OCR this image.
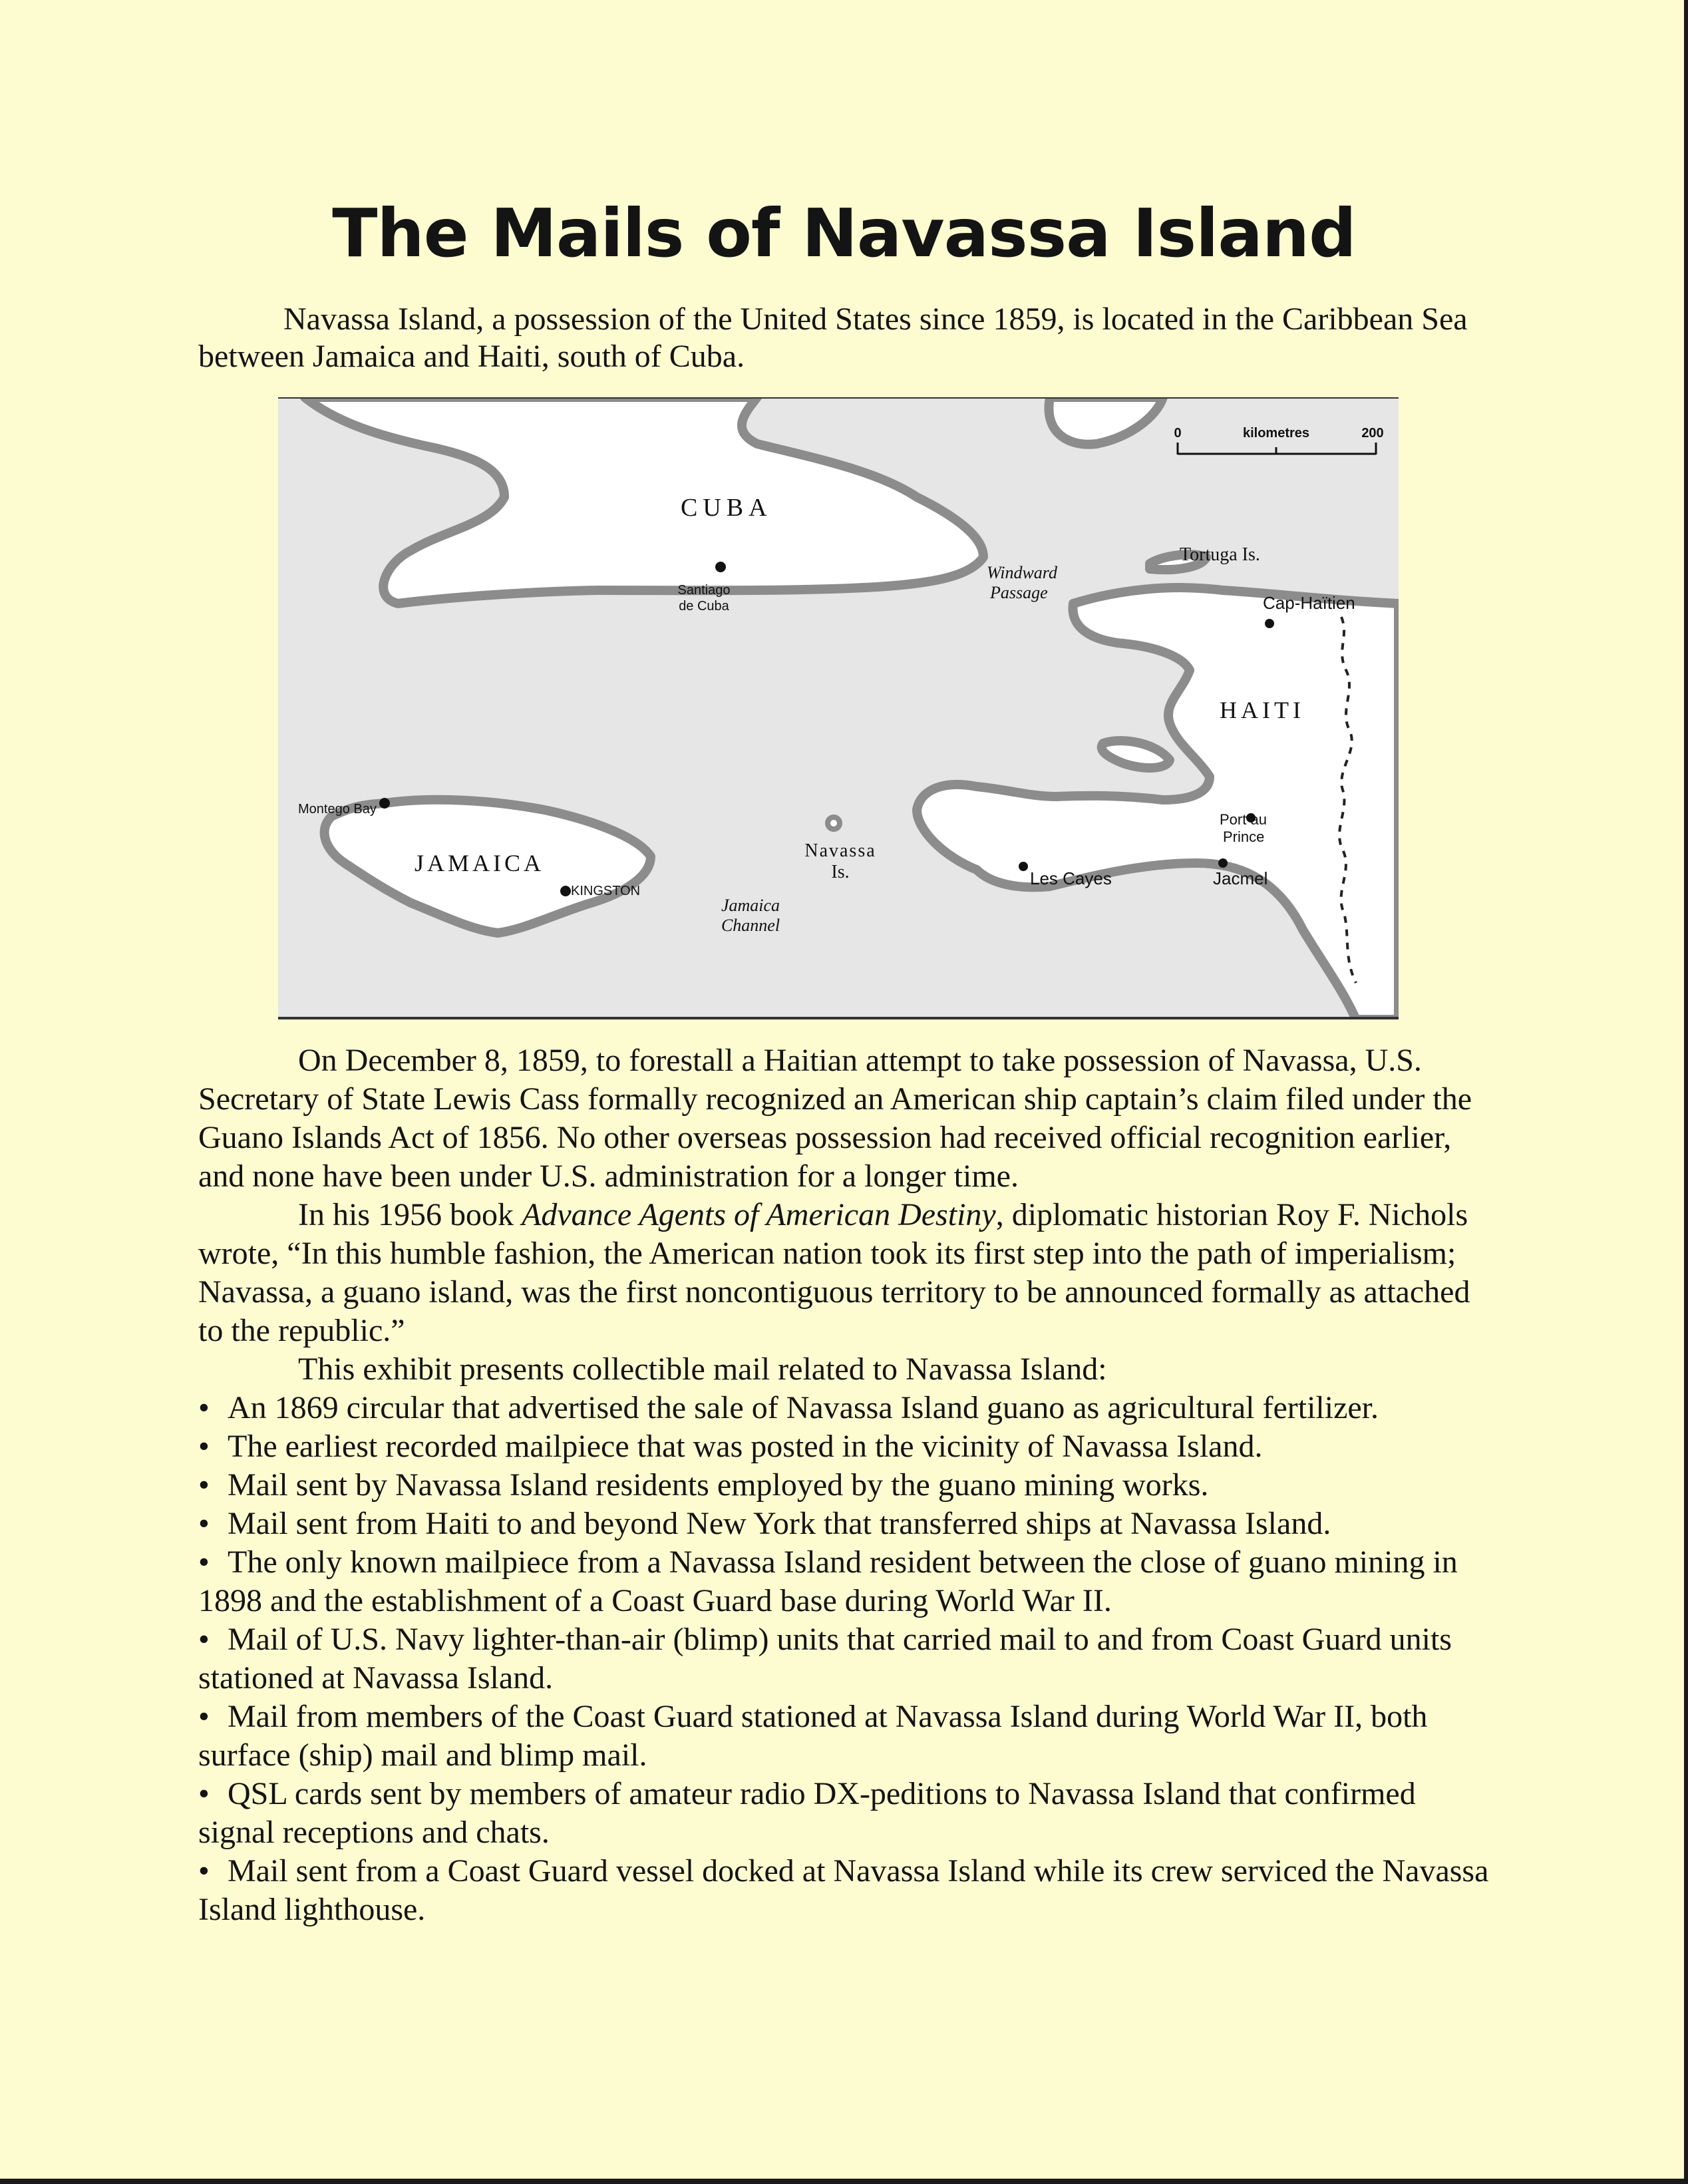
The Mails of Navassa Island

Navassa Island, a possession of the United States since 1859, is located in the Caribbean Sea between Jamaica and Haiti, south of Cuba.

0	kilometres	200
CUBA
Santiago
de Cuba
Windward
Passage
Tortuga Is.
Cap-Haïtien
HAITI
Montego Bay
JAMAICA
KINGSTON
Navassa
Is.
Jamaica
Channel
Port au
Prince
Les Cayes	Jacmel

On December 8, 1859, to forestall a Haitian attempt to take possession of Navassa, U.S. Secretary of State Lewis Cass formally recognized an American ship captain’s claim filed under the Guano Islands Act of 1856. No other overseas possession had received official recognition earlier, and none have been under U.S. administration for a longer time.

In his 1956 book Advance Agents of American Destiny, diplomatic historian Roy F. Nichols wrote, “In this humble fashion, the American nation took its first step into the path of imperialism; Navassa, a guano island, was the first noncontiguous territory to be announced formally as attached to the republic.”

This exhibit presents collectible mail related to Navassa Island:

• An 1869 circular that advertised the sale of Navassa Island guano as agricultural fertilizer.
• The earliest recorded mailpiece that was posted in the vicinity of Navassa Island.
• Mail sent by Navassa Island residents employed by the guano mining works.
• Mail sent from Haiti to and beyond New York that transferred ships at Navassa Island.
• The only known mailpiece from a Navassa Island resident between the close of guano mining in 1898 and the establishment of a Coast Guard base during World War II.
• Mail of U.S. Navy lighter-than-air (blimp) units that carried mail to and from Coast Guard units stationed at Navassa Island.
• Mail from members of the Coast Guard stationed at Navassa Island during World War II, both surface (ship) mail and blimp mail.
• QSL cards sent by members of amateur radio DX-peditions to Navassa Island that confirmed signal receptions and chats.
• Mail sent from a Coast Guard vessel docked at Navassa Island while its crew serviced the Navassa Island lighthouse.
